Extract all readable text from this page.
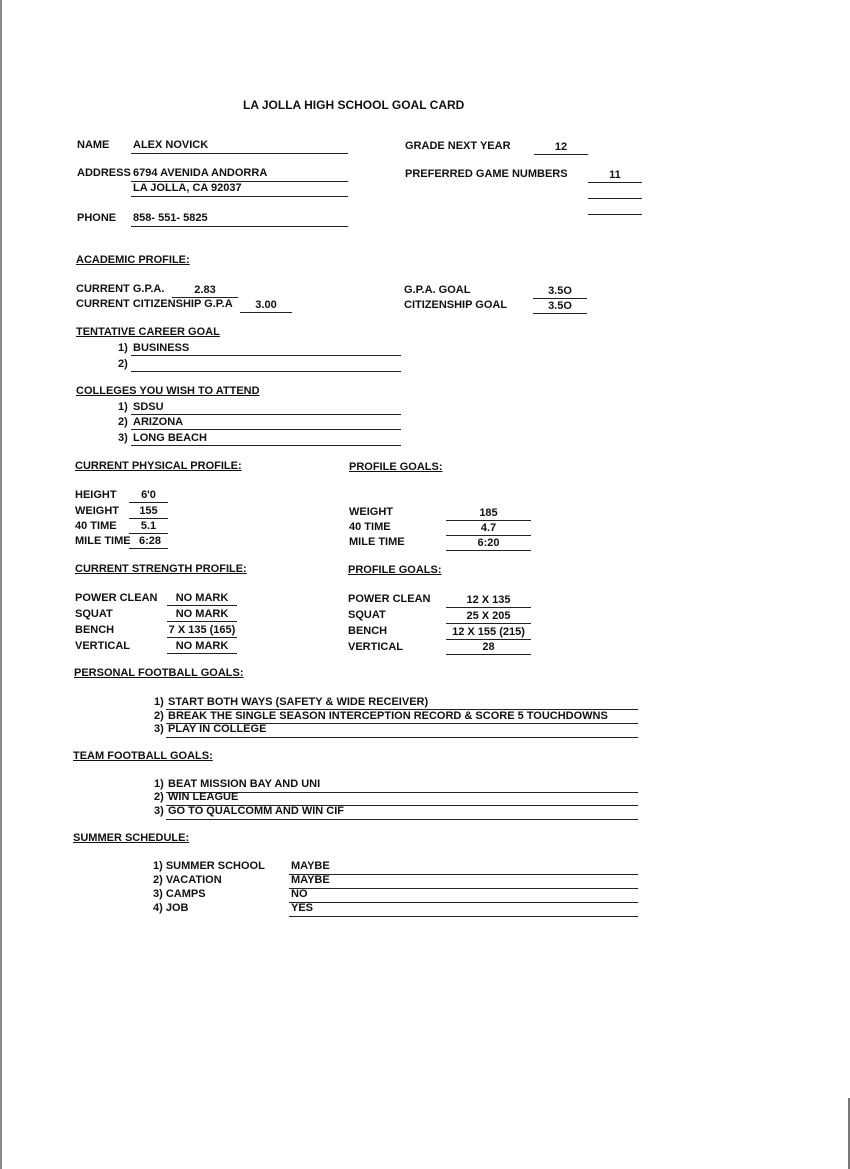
LA JOLLA HIGH SCHOOL GOAL CARD
NAME ALEX NOVICK
ADDRESS 6794 AVENIDA ANDORRA
LA JOLLA, CA 92037
PHONE 858- 551- 5825
GRADE NEXT YEAR	12
PREFERRED GAME NUMBERS	11
ACADEMIC PROFILE:
CURRENT G.P.A.	2.83
CURRENT CITIZENSHIP G.P.A	3.00
G.P.A. GOAL	3.5O
CITIZENSHIP GOAL	3.5O
TENTATIVE CAREER GOAL
1) BUSINESS
2)
COLLEGES YOU WISH TO ATTEND
1) SDSU
2) ARIZONA
3) LONG BEACH
CURRENT PHYSICAL PROFILE:	PROFILE GOALS:
HEIGHT	6'0
WEIGHT	155
40 TIME	5.1
MILE TIME 6:28
WEIGHT	185
40 TIME	4.7
MILE TIME	6:20
CURRENT STRENGTH PROFILE:	PROFILE GOALS:
POWER CLEAN	NO MARK
SQUAT	NO MARK
BENCH	7 X 135 (165)
VERTICAL	NO MARK
POWER CLEAN	12 X 135
SQUAT	25 X 205
BENCH	12 X 155 (215)
VERTICAL	28
PERSONAL FOOTBALL GOALS:
1) START BOTH WAYS (SAFETY & WIDE RECEIVER)
2) BREAK THE SINGLE SEASON INTERCEPTION RECORD & SCORE 5 TOUCHDOWNS
3) PLAY IN COLLEGE
TEAM FOOTBALL GOALS:
1) BEAT MISSION BAY AND UNI
2) WIN LEAGUE
3) GO TO QUALCOMM AND WIN CIF
SUMMER SCHEDULE:
1) SUMMER SCHOOL MAYBE
2) VACATION	MAYBE
3) CAMPS	NO
4) JOB	YES
